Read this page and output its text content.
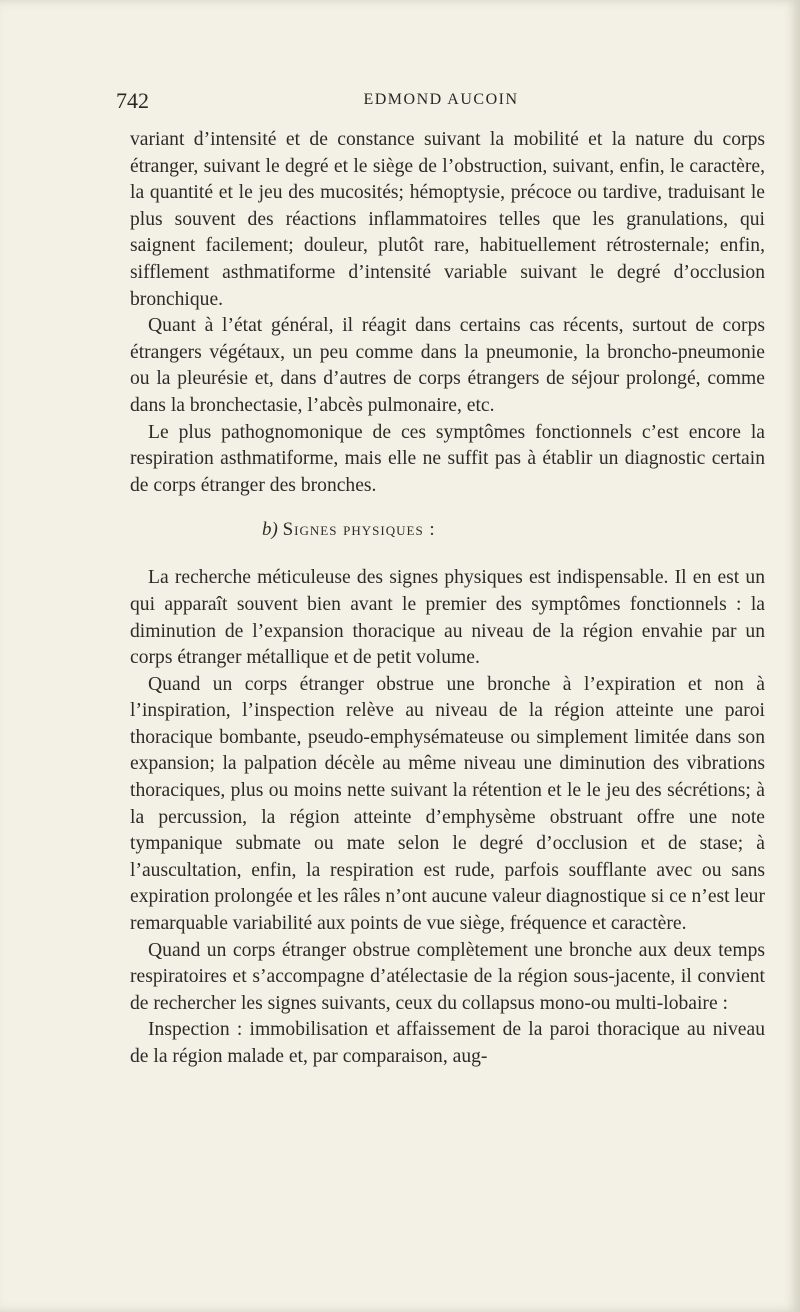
742	EDMOND AUCOIN

variant d’intensité et de constance suivant la mobilité et la nature du corps étranger, suivant le degré et le siège de l’obstruction, suivant, enfin, le caractère, la quantité et le jeu des mucosités; hémoptysie, précoce ou tardive, traduisant le plus souvent des réactions inflammatoires telles que les granulations, qui saignent facilement; douleur, plutôt rare, habituellement rétrosternale; enfin, sifflement asthmatiforme d’intensité variable suivant le degré d’occlusion bronchique.

Quant à l’état général, il réagit dans certains cas récents, surtout de corps étrangers végétaux, un peu comme dans la pneumonie, la broncho-pneumonie ou la pleurésie et, dans d’autres de corps étrangers de séjour prolongé, comme dans la bronchectasie, l’abcès pulmonaire, etc.

Le plus pathognomonique de ces symptômes fonctionnels c’est encore la respiration asthmatiforme, mais elle ne suffit pas à établir un diagnostic certain de corps étranger des bronches.

b) Signes physiques :

La recherche méticuleuse des signes physiques est indispensable. Il en est un qui apparaît souvent bien avant le premier des symptômes fonctionnels : la diminution de l’expansion thoracique au niveau de la région envahie par un corps étranger métallique et de petit volume.

Quand un corps étranger obstrue une bronche à l’expiration et non à l’inspiration, l’inspection relève au niveau de la région atteinte une paroi thoracique bombante, pseudo-emphysémateuse ou simplement limitée dans son expansion; la palpation décèle au même niveau une diminution des vibrations thoraciques, plus ou moins nette suivant la rétention et le le jeu des sécrétions; à la percussion, la région atteinte d’emphysème obstruant offre une note tympanique submate ou mate selon le degré d’occlusion et de stase; à l’auscultation, enfin, la respiration est rude, parfois soufflante avec ou sans expiration prolongée et les râles n’ont aucune valeur diagnostique si ce n’est leur remarquable variabilité aux points de vue siège, fréquence et caractère.

Quand un corps étranger obstrue complètement une bronche aux deux temps respiratoires et s’accompagne d’atélectasie de la région sous-jacente, il convient de rechercher les signes suivants, ceux du collapsus mono-ou multi-lobaire :

Inspection : immobilisation et affaissement de la paroi thoracique au niveau de la région malade et, par comparaison, aug-
